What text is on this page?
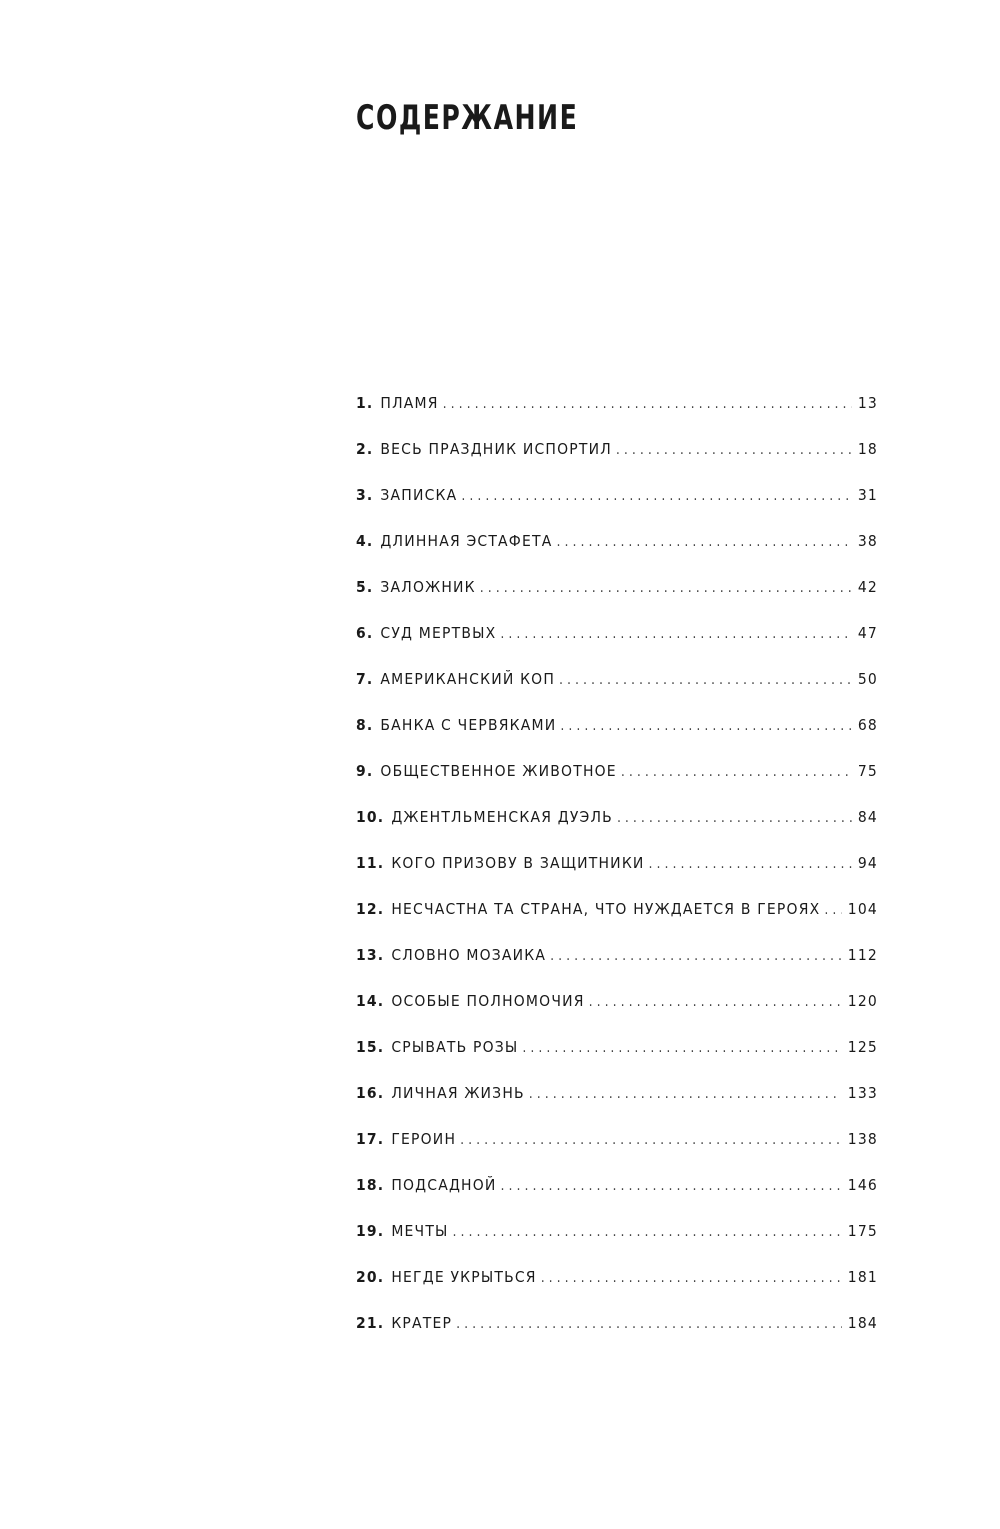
СОДЕРЖАНИЕ
1. ПЛАМЯ . . .	13
2. ВЕСЬ ПРАЗДНИК ИСПОРТИЛ . . .	18
3. ЗАПИСКА . . .	31
4. ДЛИННАЯ ЭСТАФЕТА . . .	38
5. ЗАЛОЖНИК . . .	42
6. СУД МЕРТВЫХ . . .	47
7. АМЕРИКАНСКИЙ КОП . . .	50
8. БАНКА С ЧЕРВЯКАМИ . . .	68
9. ОБЩЕСТВЕННОЕ ЖИВОТНОЕ . . .	75
10. ДЖЕНТЛЬМЕНСКАЯ ДУЭЛЬ . . .	84
11. КОГО ПРИЗОВУ В ЗАЩИТНИКИ . . .	94
12. НЕСЧАСТНА ТА СТРАНА, ЧТО НУЖДАЕТСЯ В ГЕРОЯХ . . . 104
13. СЛОВНО МОЗАИКА . . .	112
14. ОСОБЫЕ ПОЛНОМОЧИЯ . . .	120
15. СРЫВАТЬ РОЗЫ . . .	125
16. ЛИЧНАЯ ЖИЗНЬ . . .	133
17. ГЕРОИН . . .	138
18. ПОДСАДНОЙ . . .	146
19. МЕЧТЫ . . .	175
20. НЕГДЕ УКРЫТЬСЯ . . .	181
21. КРАТЕР . . .	184
